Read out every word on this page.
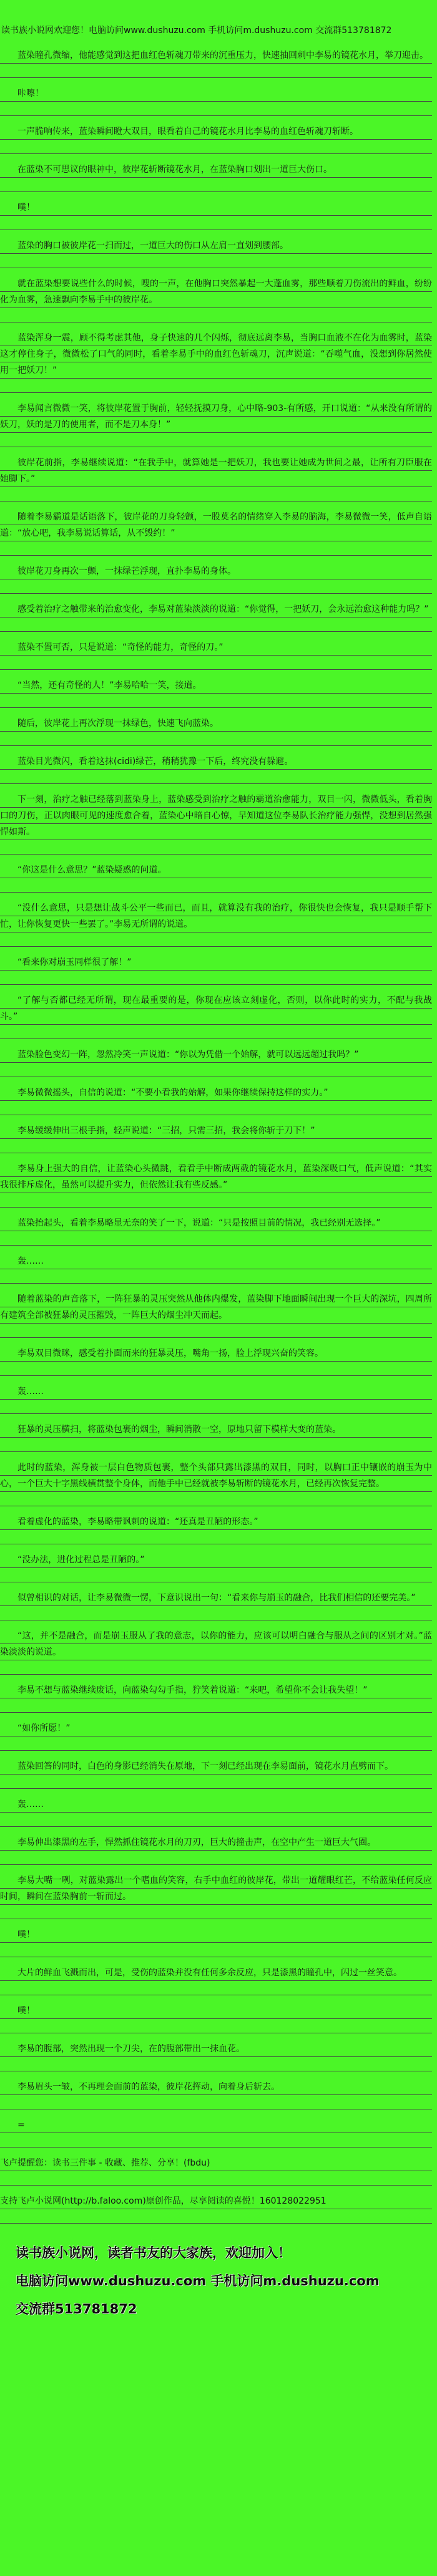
读书族小说网欢迎您！电脑访问www.dushuzu.com 手机访问m.dushuzu.com 交流群513781872
蓝染瞳孔微缩，他能感觉到这把血红色斩魂刀带来的沉重压力，快速抽回刺中李易的镜花水月，举刀迎击。
咔嚓！
一声脆响传来，蓝染瞬间瞪大双目，眼看着自己的镜花水月比李易的血红色斩魂刀斩断。
在蓝染不可思议的眼神中，彼岸花斩断镜花水月，在蓝染胸口划出一道巨大伤口。
噗！
蓝染的胸口被彼岸花一扫而过，一道巨大的伤口从左肩一直划到腰部。
就在蓝染想要说些什么的时候，嗖的一声，在他胸口突然暴起一大蓬血雾，那些顺着刀伤流出的鲜血，纷纷化为血雾，急速飘向李易手中的彼岸花。
蓝染浑身一震，顾不得考虑其他，身子快速的几个闪烁，彻底远离李易，当胸口血液不在化为血雾时，蓝染这才停住身子，微微松了口气的同时，看着李易手中的血红色斩魂刀，沉声说道：“吞噬气血，没想到你居然使用一把妖刀！”
李易闻言微微一笑，将彼岸花置于胸前，轻轻抚摸刀身，心中略-903-有所感，开口说道：“从来没有所谓的妖刀，妖的是刀的使用者，而不是刀本身！”
彼岸花前指，李易继续说道：“在我手中，就算她是一把妖刀，我也要让她成为世间之最，让所有刀臣服在她脚下。”
随着李易霸道是话语落下，彼岸花的刀身轻颤，一股莫名的情绪穿入李易的脑海，李易微微一笑，低声自语道：“放心吧，我李易说话算话，从不毁约！”
彼岸花刀身再次一颤，一抹绿芒浮现，直扑李易的身体。
感受着治疗之触带来的治愈变化，李易对蓝染淡淡的说道：“你觉得，一把妖刀，会永远治愈这种能力吗？”
蓝染不置可否，只是说道：“奇怪的能力，奇怪的刀。”
“当然，还有奇怪的人！”李易哈哈一笑，接道。
随后，彼岸花上再次浮现一抹绿色，快速飞向蓝染。
蓝染目光微闪，看着这抹(cidi)绿芒，稍稍犹豫一下后，终究没有躲避。
下一刻，治疗之触已经落到蓝染身上，蓝染感受到治疗之触的霸道治愈能力，双目一闪，微微低头，看着胸口的刀伤，正以肉眼可见的速度愈合着，蓝染心中暗自心惊，早知道这位李易队长治疗能力强悍，没想到居然强悍如斯。
“你这是什么意思？”蓝染疑惑的问道。
“没什么意思，只是想让战斗公平一些而已，而且，就算没有我的治疗，你很快也会恢复，我只是顺手帮下忙，让你恢复更快一些罢了。”李易无所谓的说道。
“看来你对崩玉同样很了解！”
“了解与否都已经无所谓，现在最重要的是，你现在应该立刻虚化，否则，以你此时的实力，不配与我战斗。”
蓝染脸色变幻一阵，忽然冷笑一声说道：“你以为凭借一个始解，就可以远远超过我吗？”
李易微微摇头，自信的说道：“不要小看我的始解，如果你继续保持这样的实力。”
李易缓缓伸出三根手指，轻声说道：“三招，只需三招，我会将你斩于刀下！”
李易身上强大的自信，让蓝染心头微跳，看看手中断成两截的镜花水月，蓝染深吸口气，低声说道：“其实我很排斥虚化，虽然可以提升实力，但依然让我有些反感。”
蓝染抬起头，看着李易略显无奈的笑了一下，说道：“只是按照目前的情况，我已经别无选择。”
轰……
随着蓝染的声音落下，一阵狂暴的灵压突然从他体内爆发，蓝染脚下地面瞬间出现一个巨大的深坑，四周所有建筑全部被狂暴的灵压摧毁，一阵巨大的烟尘冲天而起。
李易双目微眯，感受着扑面而来的狂暴灵压，嘴角一扬，脸上浮现兴奋的笑容。
轰……
狂暴的灵压横扫，将蓝染包裹的烟尘，瞬间消散一空，原地只留下模样大变的蓝染。
此时的蓝染，浑身被一层白色物质包裹，整个头部只露出漆黑的双目，同时，以胸口正中镶嵌的崩玉为中心，一个巨大十字黑线横贯整个身体，而他手中已经就被李易斩断的镜花水月，已经再次恢复完整。
看着虚化的蓝染，李易略带讽刺的说道：“还真是丑陋的形态。”
“没办法，进化过程总是丑陋的。”
似曾相识的对话，让李易微微一愣，下意识说出一句：“看来你与崩玉的融合，比我们相信的还要完美。”
“这，并不是融合，而是崩玉服从了我的意志，以你的能力，应该可以明白融合与服从之间的区别才对。”蓝染淡淡的说道。
李易不想与蓝染继续废话，向蓝染勾勾手指，狞笑着说道：“来吧，希望你不会让我失望！”
“如你所愿！”
蓝染回答的同时，白色的身影已经消失在原地，下一刻已经出现在李易面前，镜花水月直劈而下。
轰……
李易伸出漆黑的左手，悍然抓住镜花水月的刀刃，巨大的撞击声，在空中产生一道巨大气圈。
李易大嘴一咧，对蓝染露出一个嗜血的笑容，右手中血红的彼岸花，带出一道耀眼红芒，不给蓝染任何反应时间，瞬间在蓝染胸前一斩而过。
噗！
大片的鲜血飞溅而出，可是，受伤的蓝染并没有任何多余反应，只是漆黑的瞳孔中，闪过一丝笑意。
噗！
李易的腹部，突然出现一个刀尖，在的腹部带出一抹血花。
李易眉头一皱，不再理会面前的蓝染，彼岸花挥动，向着身后斩去。
=
飞卢提醒您：读书三件事 - 收藏、推荐、分享！(fbdu)
支持飞卢小说网(http://b.faloo.com)原创作品，尽享阅读的喜悦！160128022951
读书族小说网，读者书友的大家族，欢迎加入！
电脑访问www.dushuzu.com 手机访问m.dushuzu.com
交流群513781872
